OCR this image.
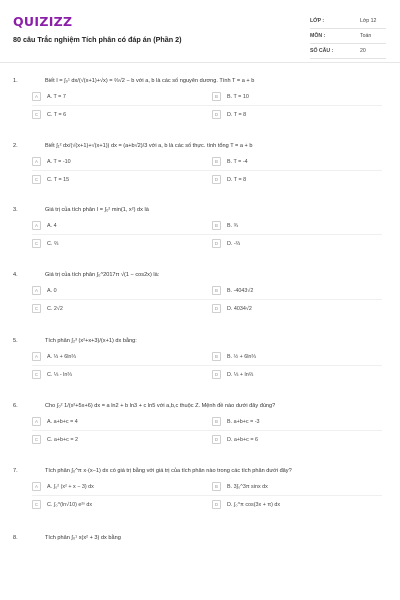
QUIZIZZ
80 câu Trắc nghiệm Tích phân có đáp án (Phần 2)
LỚP :	Lớp 12
MÔN :	Toán
SỐ CÂU :	20
1.	Biết I = ∫₀¹ dx/(√(x+1)+√x) = ⅔√2 − b với a, b là các số nguyên dương. Tính T = a + b
A	A. T = 7	B	B. T = 10
C	C. T = 6	D	D. T = 8
2.	Biết ∫₁² dx/(√(x+1)+√(x+1)) dx = (a+b√2)/3 với a, b là các số thực. tính tổng T = a + b
A	A. T = -10	B	B. T = -4
C	C. T = 15	D	D. T = 8
3.	Giá trị của tích phân I = ∫₀² min(1, x²) dx là
A	A. 4	B	B. ¾
C	C. ⅔	D	D. -⅔
4.	Giá trị của tích phân ∫₀^2017π √(1 − cos2x) là:
A	A. 0	B	B. -4043√2
C	C. 2√2	D	D. 4034√2
5.	Tích phân ∫₂³ (x²+x+3)/(x+1) dx bằng:
A	A. ⅓ + 6ln⅔	B	B. ½ + 6ln⅔
C	C. ⅓ - ln⅔	D	D. ⅓ + ln⅔
6.	Cho ∫₀² 1/(x²+5x+6) dx = a ln2 + b ln3 + c ln5 với a,b,c thuộc Z. Mệnh đề nào dưới đây đúng?
A	A. a+b+c = 4	B	B. a+b+c = -3
C	C. a+b+c = 2	D	D. a+b+c = 6
7.	Tích phân ∫₀^π x·(x−1) dx có giá trị bằng với giá trị của tích phân nào trong các tích phân dưới đây?
A	A. ∫₀² (x² + x − 3) dx	B	B. 3∫₀^3π sinx dx
C	C. ∫₀^(ln√10) e²ˣ dx	D	D. ∫₀^π cos(3x + π) dx
8.	Tích phân ∫₀¹ x(x² + 3) dx bằng
